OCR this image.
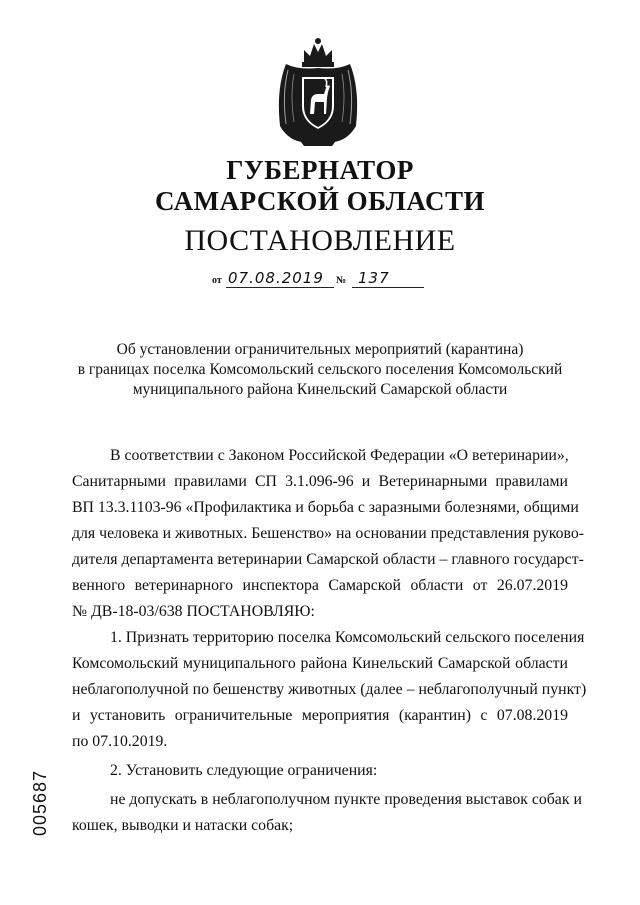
ГУБЕРНАТОР
САМАРСКОЙ ОБЛАСТИ
ПОСТАНОВЛЕНИЕ
от 07.08.2019 № 137
Об установлении ограничительных мероприятий (карантина)
в границах поселка Комсомольский сельского поселения Комсомольский
муниципального района Кинельский Самарской области
В соответствии с Законом Российской Федерации «О ветеринарии»,
Санитарными правилами СП 3.1.096-96 и Ветеринарными правилами
ВП 13.3.1103-96 «Профилактика и борьба с заразными болезнями, общими
для человека и животных. Бешенство» на основании представления руково-
дителя департамента ветеринарии Самарской области – главного государст-
венного ветеринарного инспектора Самарской области от 26.07.2019
№ ДВ-18-03/638 ПОСТАНОВЛЯЮ:
1. Признать территорию поселка Комсомольский сельского поселения
Комсомольский муниципального района Кинельский Самарской области
неблагополучной по бешенству животных (далее – неблагополучный пункт)
и установить ограничительные мероприятия (карантин) с 07.08.2019
по 07.10.2019.
2. Установить следующие ограничения:
не допускать в неблагополучном пункте проведения выставок собак и
кошек, выводки и натаски собак;
005687
